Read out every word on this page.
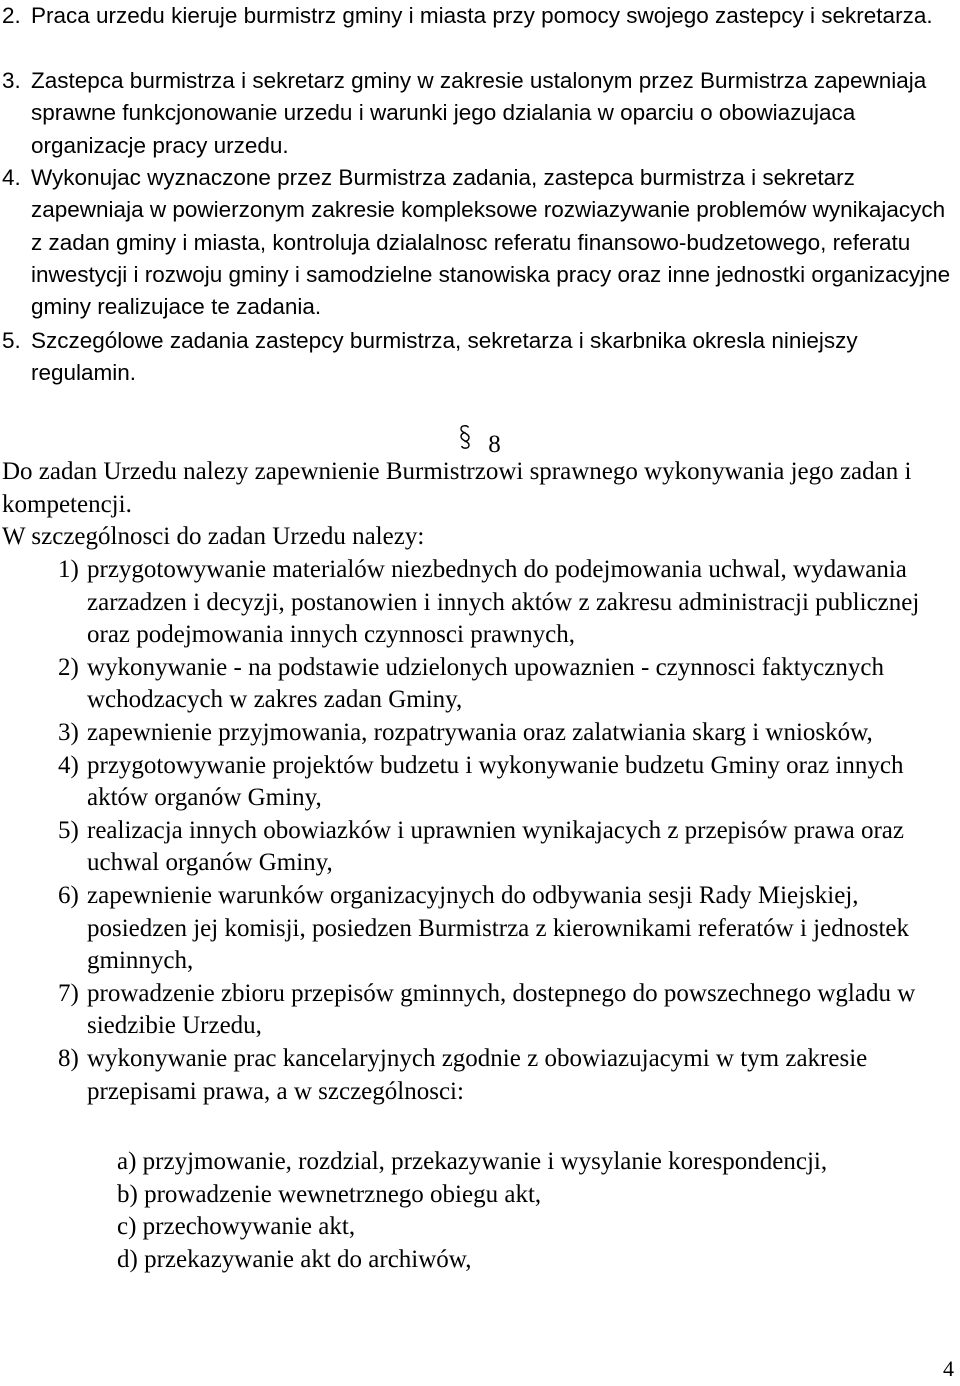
2. Praca urzedu kieruje burmistrz gminy i miasta przy pomocy swojego zastepcy i sekretarza.
3. Zastepca burmistrza i sekretarz gminy w zakresie ustalonym przez Burmistrza zapewniaja sprawne funkcjonowanie urzedu i warunki jego dzialania w oparciu o obowiazujaca organizacje pracy urzedu.
4. Wykonujac wyznaczone przez Burmistrza zadania, zastepca burmistrza i sekretarz zapewniaja w powierzonym zakresie kompleksowe rozwiazywanie problemów wynikajacych z zadan gminy i miasta, kontroluja dzialalnosc referatu finansowo-budzetowego, referatu inwestycji i rozwoju gminy i samodzielne stanowiska pracy oraz inne jednostki organizacyjne gminy realizujace te zadania.
5. Szczególowe zadania zastepcy burmistrza, sekretarza i skarbnika okresla niniejszy regulamin.
8
Do zadan Urzedu nalezy zapewnienie Burmistrzowi sprawnego wykonywania jego zadan i kompetencji.
W szczególnosci do zadan Urzedu nalezy:
1) przygotowywanie materialów niezbednych do podejmowania uchwal, wydawania zarzadzen i decyzji, postanowien i innych aktów z zakresu administracji publicznej oraz podejmowania innych czynnosci prawnych,
2) wykonywanie - na podstawie udzielonych upowaznien - czynnosci faktycznych wchodzacych w zakres zadan Gminy,
3) zapewnienie przyjmowania, rozpatrywania oraz zalatwiania skarg i wniosków,
4) przygotowywanie projektów budzetu i wykonywanie budzetu Gminy oraz innych aktów organów Gminy,
5) realizacja innych obowiazków i uprawnien wynikajacych z przepisów prawa oraz uchwal organów Gminy,
6) zapewnienie warunków organizacyjnych do odbywania sesji Rady Miejskiej, posiedzen jej komisji, posiedzen Burmistrza z kierownikami referatów i jednostek gminnych,
7) prowadzenie zbioru przepisów gminnych, dostepnego do powszechnego wgladu w siedzibie Urzedu,
8) wykonywanie prac kancelaryjnych zgodnie z obowiazujacymi w tym zakresie przepisami prawa, a w szczególnosci:
a) przyjmowanie, rozdzial, przekazywanie i wysylanie korespondencji,
b) prowadzenie wewnetrznego obiegu akt,
c) przechowywanie akt,
d) przekazywanie akt do archiwów,
4
